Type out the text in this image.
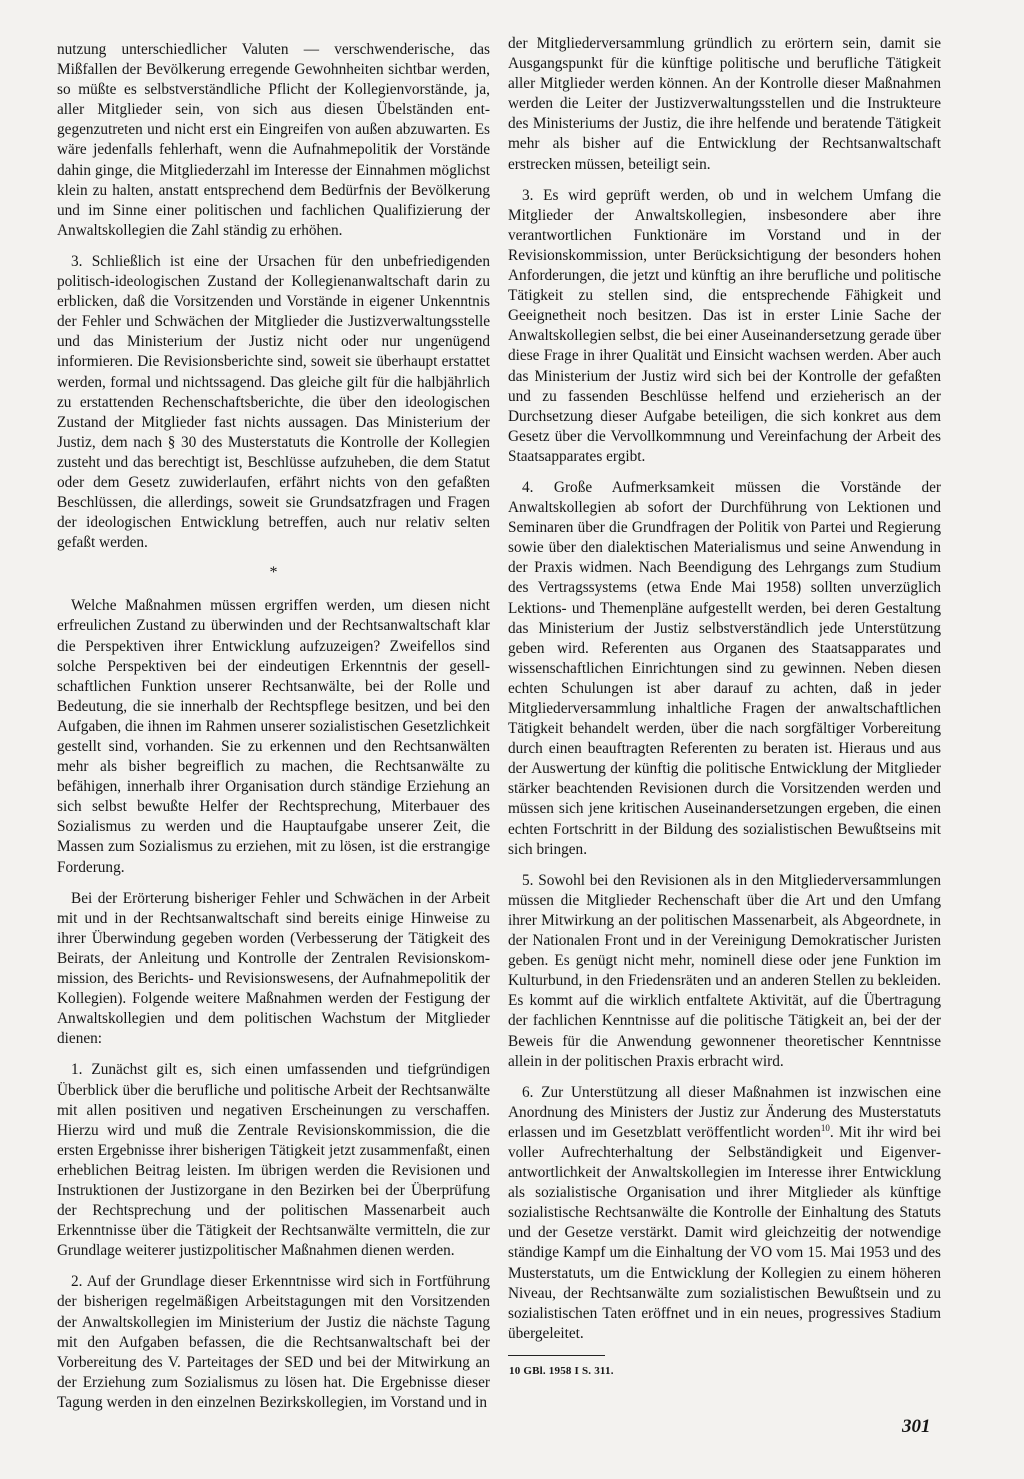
nutzung unterschiedlicher Valuten — verschwenderische, das Mißfallen der Bevölkerung erregende Gewohnheiten sichtbar werden, so müßte es selbstverständliche Pflicht der Kollegienvorstände, ja, aller Mitglieder sein, von sich aus diesen Übelständen entgegenzutreten und nicht erst ein Eingreifen von außen abzuwarten. Es wäre jedenfalls fehlerhaft, wenn die Aufnahmepolitik der Vorstände dahin ginge, die Mitgliederzahl im Interesse der Einnahmen möglichst klein zu halten, anstatt entsprechend dem Bedürfnis der Bevölkerung und im Sinne einer politischen und fachlichen Qualifizierung der Anwaltskollegien die Zahl ständig zu erhöhen.

3. Schließlich ist eine der Ursachen für den unbefriedigenden politisch-ideologischen Zustand der Kollegienanwaltschaft darin zu erblicken, daß die Vorsitzenden und Vorstände in eigener Unkenntnis der Fehler und Schwächen der Mitglieder die Justizverwaltungsstelle und das Ministerium der Justiz nicht oder nur ungenügend informieren. Die Revisionsberichte sind, soweit sie überhaupt erstattet werden, formal und nichtssagend. Das gleiche gilt für die halbjährlich zu erstattenden Rechenschaftsberichte, die über den ideologischen Zustand der Mitglieder fast nichts aussagen. Das Ministerium der Justiz, dem nach § 30 des Musterstatuts die Kontrolle der Kollegien zusteht und das berechtigt ist, Beschlüsse aufzuheben, die dem Statut oder dem Gesetz zuwiderlaufen, erfährt nichts von den gefaßten Beschlüssen, die allerdings, soweit sie Grundsatzfragen und Fragen der ideologischen Entwicklung betreffen, auch nur relativ selten gefaßt werden.

*

Welche Maßnahmen müssen ergriffen werden, um diesen nicht erfreulichen Zustand zu überwinden und der Rechtsanwaltschaft klar die Perspektiven ihrer Entwicklung aufzuzeigen? Zweifellos sind solche Perspektiven bei der eindeutigen Erkenntnis der gesellschaftlichen Funktion unserer Rechtsanwälte, bei der Rolle und Bedeutung, die sie innerhalb der Rechtspflege besitzen, und bei den Aufgaben, die ihnen im Rahmen unserer sozialistischen Gesetzlichkeit gestellt sind, vorhanden. Sie zu erkennen und den Rechtsanwälten mehr als bisher begreiflich zu machen, die Rechtsanwälte zu befähigen, innerhalb ihrer Organisation durch ständige Erziehung an sich selbst bewußte Helfer der Rechtsprechung, Miterbauer des Sozialismus zu werden und die Hauptaufgabe unserer Zeit, die Massen zum Sozialismus zu erziehen, mit zu lösen, ist die erstrangige Forderung.

Bei der Erörterung bisheriger Fehler und Schwächen in der Arbeit mit und in der Rechtsanwaltschaft sind bereits einige Hinweise zu ihrer Überwindung gegeben worden (Verbesserung der Tätigkeit des Beirats, der Anleitung und Kontrolle der Zentralen Revisionskommission, des Berichts- und Revisionswesens, der Aufnahmepolitik der Kollegien). Folgende weitere Maßnahmen werden der Festigung der Anwaltskollegien und dem politischen Wachstum der Mitglieder dienen:

1. Zunächst gilt es, sich einen umfassenden und tiefgründigen Überblick über die berufliche und politische Arbeit der Rechtsanwälte mit allen positiven und negativen Erscheinungen zu verschaffen. Hierzu wird und muß die Zentrale Revisionskommission, die die ersten Ergebnisse ihrer bisherigen Tätigkeit jetzt zusammenfaßt, einen erheblichen Beitrag leisten. Im übrigen werden die Revisionen und Instruktionen der Justizorgane in den Bezirken bei der Überprüfung der Rechtsprechung und der politischen Massenarbeit auch Erkenntnisse über die Tätigkeit der Rechtsanwälte vermitteln, die zur Grundlage weiterer justizpolitischer Maßnahmen dienen werden.

2. Auf der Grundlage dieser Erkenntnisse wird sich in Fortführung der bisherigen regelmäßigen Arbeitstagungen mit den Vorsitzenden der Anwaltskollegien im Ministerium der Justiz die nächste Tagung mit den Aufgaben befassen, die die Rechtsanwaltschaft bei der Vorbereitung des V. Parteitages der SED und bei der Mitwirkung an der Erziehung zum Sozialismus zu lösen hat. Die Ergebnisse dieser Tagung werden in den einzelnen Bezirkskollegien, im Vorstand und in

der Mitgliederversammlung gründlich zu erörtern sein, damit sie Ausgangspunkt für die künftige politische und berufliche Tätigkeit aller Mitglieder werden können. An der Kontrolle dieser Maßnahmen werden die Leiter der Justizverwaltungsstellen und die Instrukteure des Ministeriums der Justiz, die ihre helfende und beratende Tätigkeit mehr als bisher auf die Entwicklung der Rechtsanwaltschaft erstrecken müssen, beteiligt sein.

3. Es wird geprüft werden, ob und in welchem Umfang die Mitglieder der Anwaltskollegien, insbesondere aber ihre verantwortlichen Funktionäre im Vorstand und in der Revisionskommission, unter Berücksichtigung der besonders hohen Anforderungen, die jetzt und künftig an ihre berufliche und politische Tätigkeit zu stellen sind, die entsprechende Fähigkeit und Geeignetheit noch besitzen. Das ist in erster Linie Sache der Anwaltskollegien selbst, die bei einer Auseinandersetzung gerade über diese Frage in ihrer Qualität und Einsicht wachsen werden. Aber auch das Ministerium der Justiz wird sich bei der Kontrolle der gefaßten und zu fassenden Beschlüsse helfend und erzieherisch an der Durchsetzung dieser Aufgabe beteiligen, die sich konkret aus dem Gesetz über die Vervollkommnung und Vereinfachung der Arbeit des Staatsapparates ergibt.

4. Große Aufmerksamkeit müssen die Vorstände der Anwaltskollegien ab sofort der Durchführung von Lektionen und Seminaren über die Grundfragen der Politik von Partei und Regierung sowie über den dialektischen Materialismus und seine Anwendung in der Praxis widmen. Nach Beendigung des Lehrgangs zum Studium des Vertragssystems (etwa Ende Mai 1958) sollten unverzüglich Lektions- und Themenpläne aufgestellt werden, bei deren Gestaltung das Ministerium der Justiz selbstverständlich jede Unterstützung geben wird. Referenten aus Organen des Staatsapparates und wissenschaftlichen Einrichtungen sind zu gewinnen. Neben diesen echten Schulungen ist aber darauf zu achten, daß in jeder Mitgliederversammlung inhaltliche Fragen der anwaltschaftlichen Tätigkeit behandelt werden, über die nach sorgfältiger Vorbereitung durch einen beauftragten Referenten zu beraten ist. Hieraus und aus der Auswertung der künftig die politische Entwicklung der Mitglieder stärker beachtenden Revisionen durch die Vorsitzenden werden und müssen sich jene kritischen Auseinandersetzungen ergeben, die einen echten Fortschritt in der Bildung des sozialistischen Bewußtseins mit sich bringen.

5. Sowohl bei den Revisionen als in den Mitgliederversammlungen müssen die Mitglieder Rechenschaft über die Art und den Umfang ihrer Mitwirkung an der politischen Massenarbeit, als Abgeordnete, in der Nationalen Front und in der Vereinigung Demokratischer Juristen geben. Es genügt nicht mehr, nominell diese oder jene Funktion im Kulturbund, in den Friedensräten und an anderen Stellen zu bekleiden. Es kommt auf die wirklich entfaltete Aktivität, auf die Übertragung der fachlichen Kenntnisse auf die politische Tätigkeit an, bei der der Beweis für die Anwendung gewonnener theoretischer Kenntnisse allein in der politischen Praxis erbracht wird.

6. Zur Unterstützung all dieser Maßnahmen ist inzwischen eine Anordnung des Ministers der Justiz zur Änderung des Musterstatuts erlassen und im Gesetzblatt veröffentlicht worden$^{10}$. Mit ihr wird bei voller Aufrechterhaltung der Selbständigkeit und Eigenverantwortlichkeit der Anwaltskollegien im Interesse ihrer Entwicklung als sozialistische Organisation und ihrer Mitglieder als künftige sozialistische Rechtsanwälte die Kontrolle der Einhaltung des Statuts und der Gesetze verstärkt. Damit wird gleichzeitig der notwendige ständige Kampf um die Einhaltung der VO vom 15. Mai 1953 und des Musterstatuts, um die Entwicklung der Kollegien zu einem höheren Niveau, der Rechtsanwälte zum sozialistischen Bewußtsein und zu sozialistischen Taten eröffnet und in ein neues, progressives Stadium übergeleitet.

10 GBl. 1958 I S. 311.
301
